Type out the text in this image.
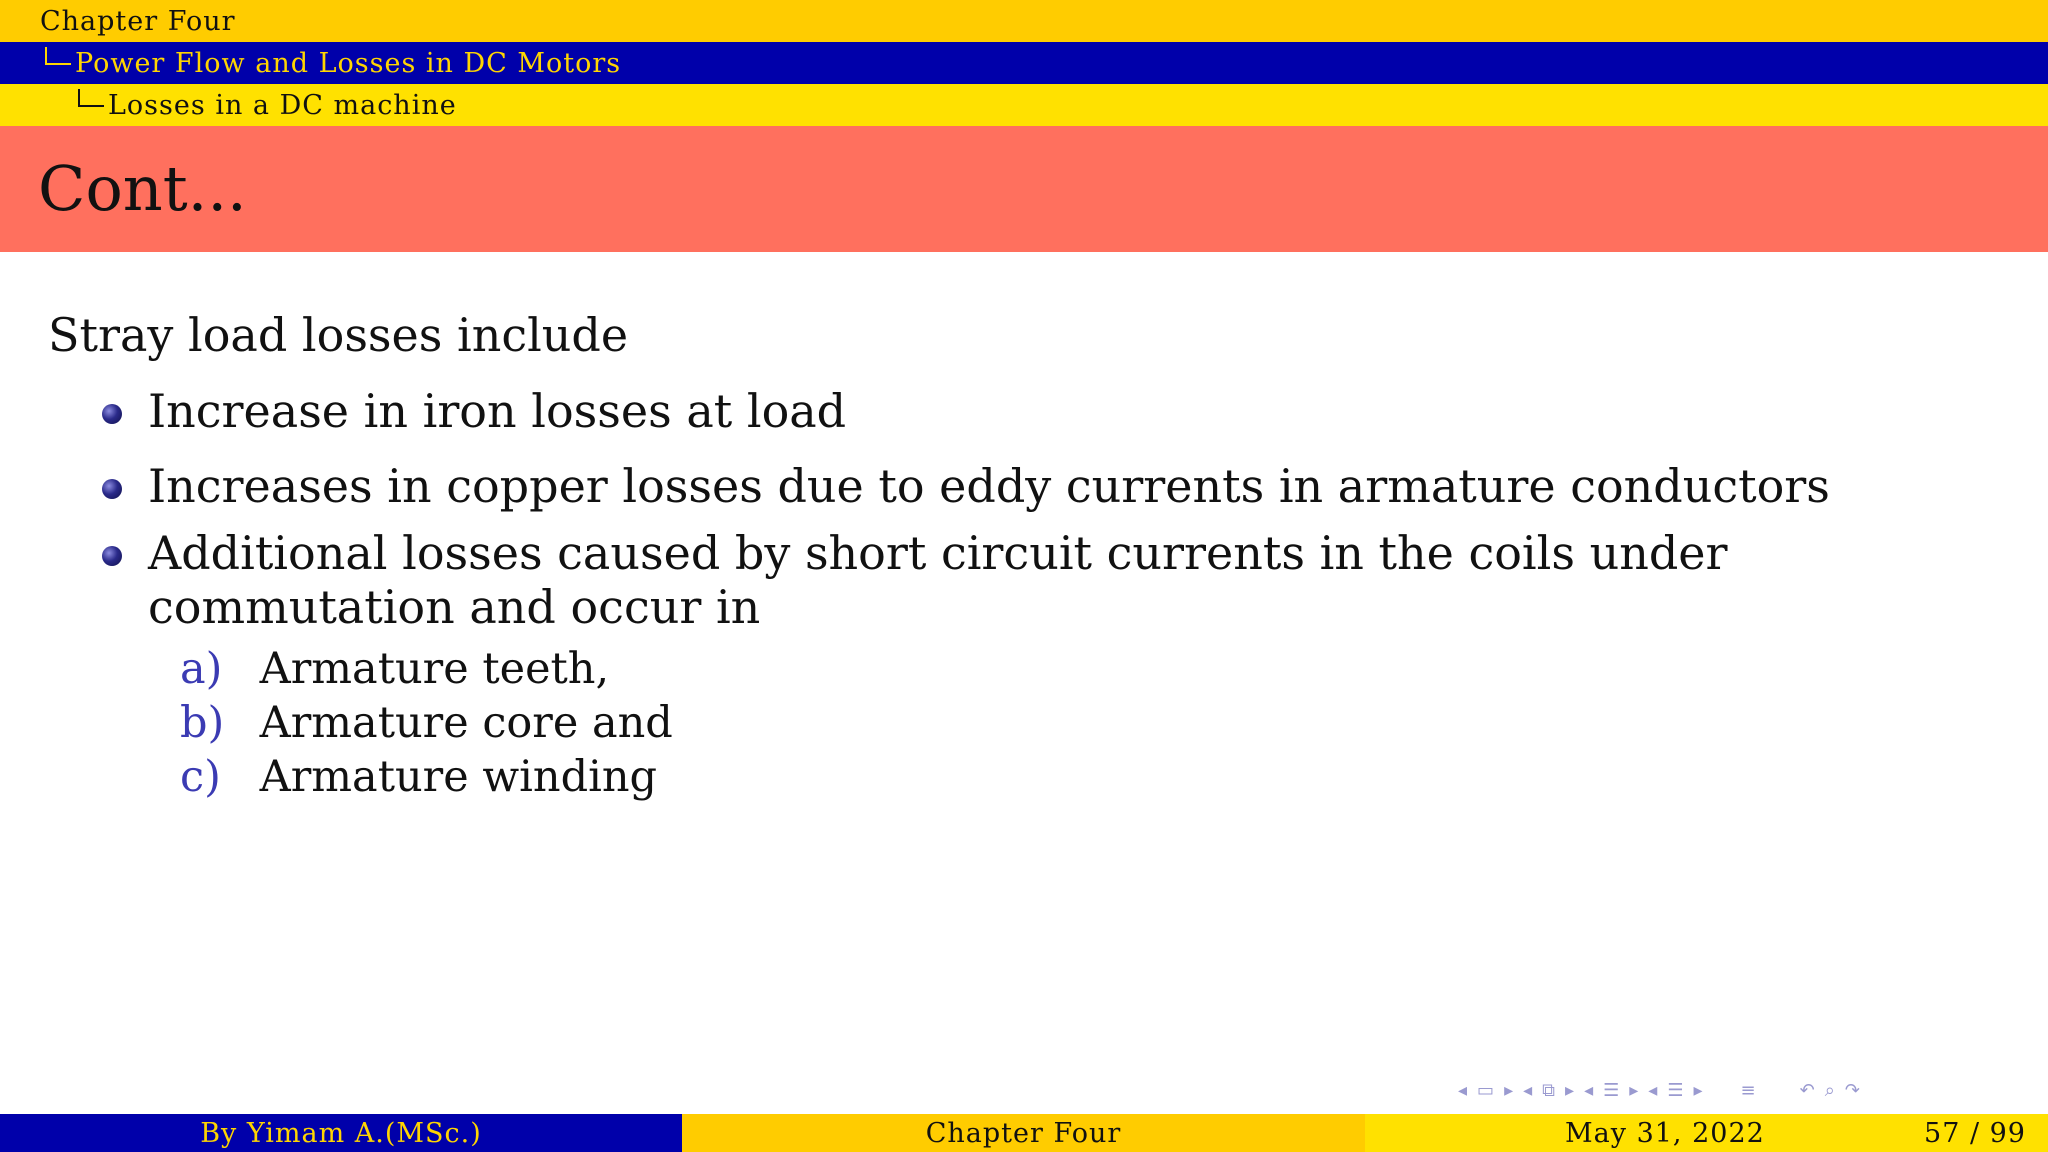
Chapter Four
Power Flow and Losses in DC Motors
Losses in a DC machine
Cont...
Stray load losses include
Increase in iron losses at load
Increases in copper losses due to eddy currents in armature conductors
Additional losses caused by short circuit currents in the coils under commutation and occur in
a) Armature teeth,
b) Armature core and
c) Armature winding
◂ ▭ ▸ ◂ ⧉ ▸ ◂ ☰ ▸ ◂ ☰ ▸ ≡ ↶ ⌕ ↷
By Yimam A.(MSc.)	Chapter Four	May 31, 2022	57 / 99
